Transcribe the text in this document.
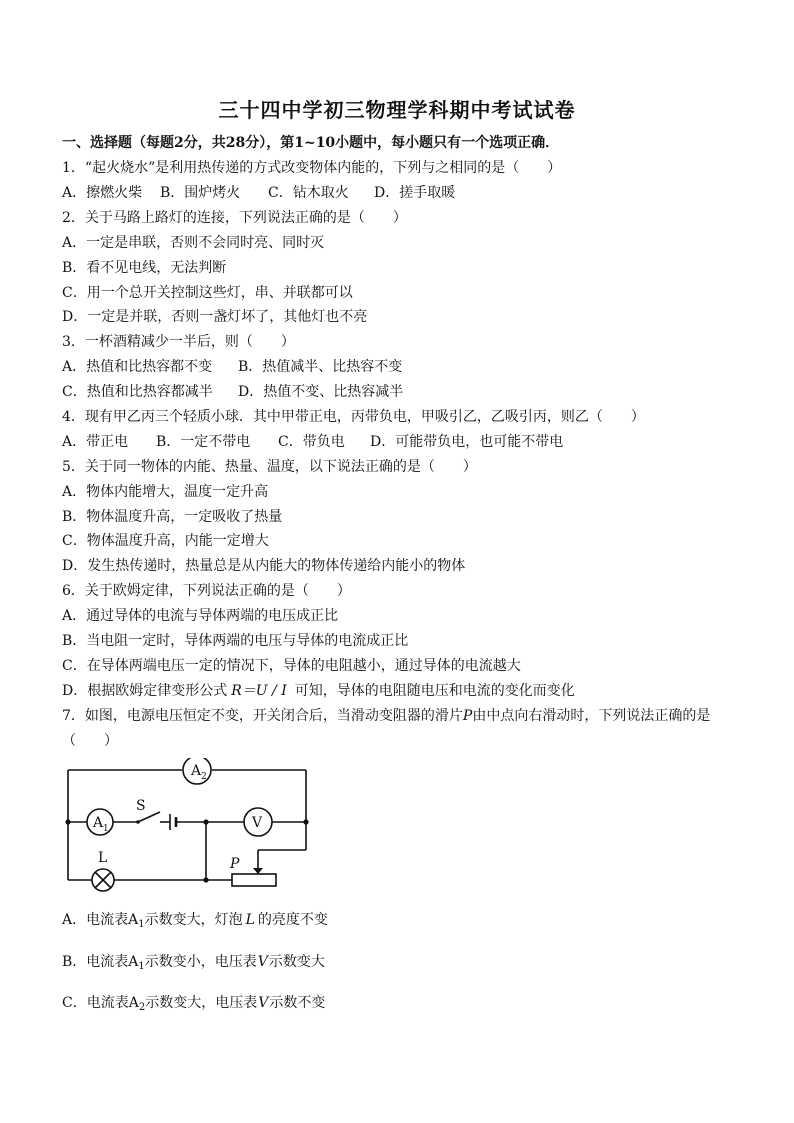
三十四中学初三物理学科期中考试试卷
一、选择题（每题2分，共28分），第1~10小题中，每小题只有一个选项正确．
1．“起火烧水”是利用热传递的方式改变物体内能的，下列与之相同的是（　　）
A．擦燃火柴 B．围炉烤火 C．钻木取火 D．搓手取暖
2．关于马路上路灯的连接，下列说法正确的是（　　）
A．一定是串联，否则不会同时亮、同时灭
B．看不见电线，无法判断
C．用一个总开关控制这些灯，串、并联都可以
D．一定是并联，否则一盏灯坏了，其他灯也不亮
3．一杯酒精减少一半后，则（　　）
A．热值和比热容都不变 B．热值减半、比热容不变
C．热值和比热容都减半 D．热值不变、比热容减半
4．现有甲乙丙三个轻质小球．其中甲带正电，丙带负电，甲吸引乙，乙吸引丙，则乙（　　）
A．带正电 B．一定不带电 C．带负电 D．可能带负电，也可能不带电
5．关于同一物体的内能、热量、温度，以下说法正确的是（　　）
A．物体内能增大，温度一定升高
B．物体温度升高，一定吸收了热量
C．物体温度升高，内能一定增大
D．发生热传递时，热量总是从内能大的物体传递给内能小的物体
6．关于欧姆定律，下列说法正确的是（　　）
A．通过导体的电流与导体两端的电压成正比
B．当电阻一定时，导体两端的电压与导体的电流成正比
C．在导体两端电压一定的情况下，导体的电阻越小，通过导体的电流越大
D．根据欧姆定律变形公式 R＝U / I 可知，导体的电阻随电压和电流的变化而变化
7．如图，电源电压恒定不变，开关闭合后，当滑动变阻器的滑片P由中点向右滑动时，下列说法正确的是
（　　）
A 2
A 1	V
S
L	P
A．电流表$A_1$示数变大，灯泡 L 的亮度不变
B．电流表$A_1$示数变小，电压表V示数变大
C．电流表$A_2$示数变大，电压表V示数不变
